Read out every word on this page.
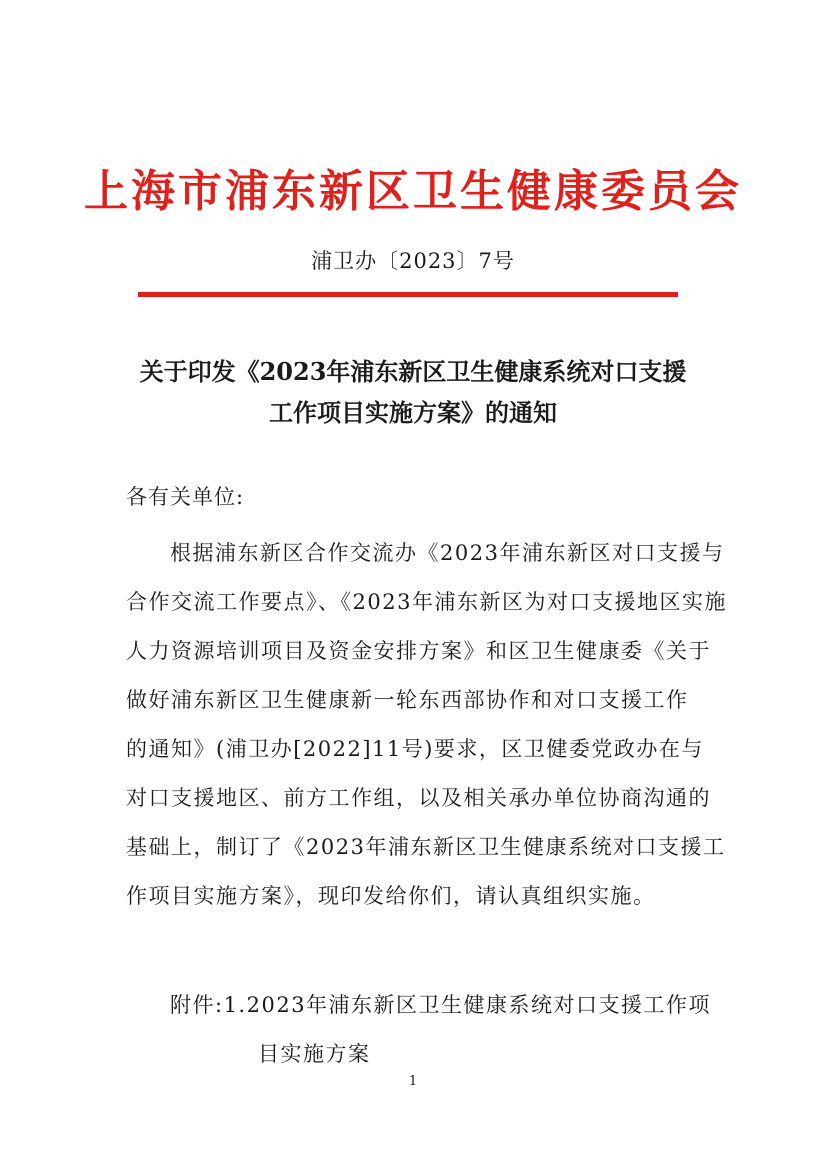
上海市浦东新区卫生健康委员会
浦卫办〔2023〕7号
关于印发《2023年浦东新区卫生健康系统对口支援
工作项目实施方案》的通知
各有关单位:
根据浦东新区合作交流办《2023年浦东新区对口支援与
合作交流工作要点》、《2023年浦东新区为对口支援地区实施
人力资源培训项目及资金安排方案》和区卫生健康委《关于
做好浦东新区卫生健康新一轮东西部协作和对口支援工作
的通知》(浦卫办[2022]11号)要求，区卫健委党政办在与
对口支援地区、前方工作组，以及相关承办单位协商沟通的
基础上，制订了《2023年浦东新区卫生健康系统对口支援工
作项目实施方案》，现印发给你们，请认真组织实施。
附件:1.2023年浦东新区卫生健康系统对口支援工作项
目实施方案
1
